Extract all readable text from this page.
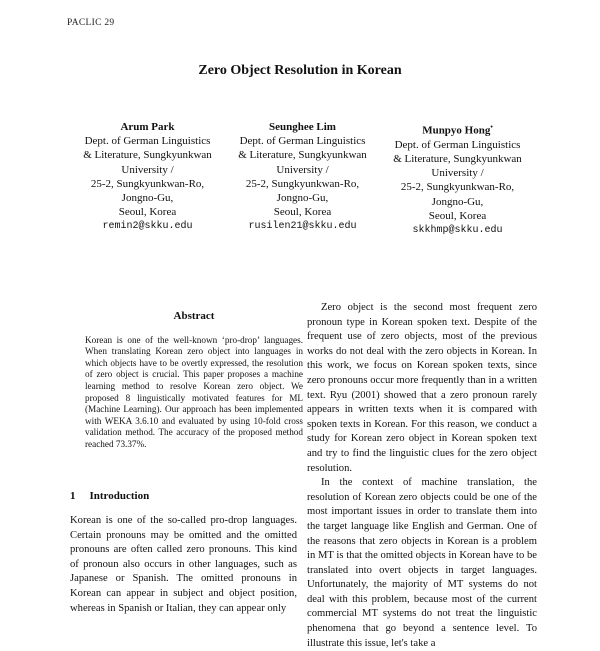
PACLIC 29
Zero Object Resolution in Korean
Arum Park
Dept. of German Linguistics
& Literature, Sungkyunkwan
University /
25-2, Sungkyunkwan-Ro,
Jongno-Gu,
Seoul, Korea
remin2@skku.edu
Seunghee Lim
Dept. of German Linguistics
& Literature, Sungkyunkwan
University /
25-2, Sungkyunkwan-Ro,
Jongno-Gu,
Seoul, Korea
rusilen21@skku.edu
Munpyo Hong•
Dept. of German Linguistics
& Literature, Sungkyunkwan
University /
25-2, Sungkyunkwan-Ro,
Jongno-Gu,
Seoul, Korea
skkhmp@skku.edu
Abstract
Korean is one of the well-known ‘pro-drop’ languages. When translating Korean zero object into languages in which objects have to be overtly expressed, the resolution of zero object is crucial. This paper proposes a machine learning method to resolve Korean zero object. We proposed 8 linguistically motivated features for ML (Machine Learning). Our approach has been implemented with WEKA 3.6.10 and evaluated by using 10-fold cross validation method. The accuracy of the proposed method reached 73.37%.
1 Introduction
Korean is one of the so-called pro-drop languages. Certain pronouns may be omitted and the omitted pronouns are often called zero pronouns. This kind of pronoun also occurs in other languages, such as Japanese or Spanish. The omitted pronouns in Korean can appear in subject and object position, whereas in Spanish or Italian, they can appear only

Zero object is the second most frequent zero pronoun type in Korean spoken text. Despite of the frequent use of zero objects, most of the previous works do not deal with the zero objects in Korean. In this work, we focus on Korean spoken texts, since zero pronouns occur more frequently than in a written text. Ryu (2001) showed that a zero pronoun rarely appears in written texts when it is compared with spoken texts in Korean. For this reason, we conduct a study for Korean zero object in Korean spoken text and try to find the linguistic clues for the zero object resolution.

In the context of machine translation, the resolution of Korean zero objects could be one of the most important issues in order to translate them into the target language like English and German. One of the reasons that zero objects in Korean is a problem in MT is that the omitted objects in Korean have to be translated into overt objects in target languages. Unfortunately, the majority of MT systems do not deal with this problem, because most of the current commercial MT systems do not treat the linguistic phenomena that go beyond a sentence level. To illustrate this issue, let's take a
